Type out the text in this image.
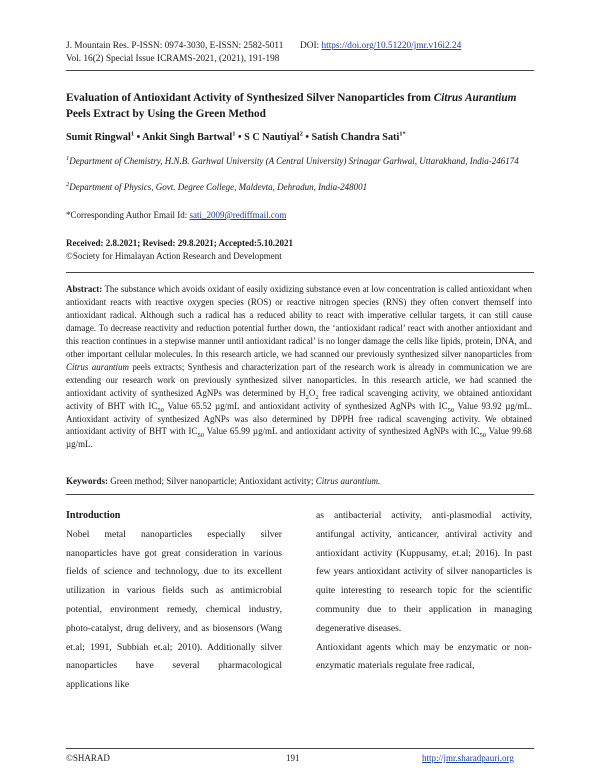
J. Mountain Res. P-ISSN: 0974-3030, E-ISSN: 2582-5011 DOI: https://doi.org/10.51220/jmr.v16i2.24
Vol. 16(2) Special Issue ICRAMS-2021, (2021), 191-198
Evaluation of Antioxidant Activity of Synthesized Silver Nanoparticles from Citrus Aurantium Peels Extract by Using the Green Method
Sumit Ringwal$^1$ • Ankit Singh Bartwal$^1$ • S C Nautiyal$^2$ • Satish Chandra Sati$^{1*}$
$^1$Department of Chemistry, H.N.B. Garhwal University (A Central University) Srinagar Garhwal, Uttarakhand, India-246174
$^2$Department of Physics, Govt. Degree College, Maldevta, Dehradun, India-248001
*Corresponding Author Email Id: sati_2009@rediffmail.com
Received: 2.8.2021; Revised: 29.8.2021; Accepted:5.10.2021
©Society for Himalayan Action Research and Development
Abstract: The substance which avoids oxidant of easily oxidizing substance even at low concentration is called antioxidant when antioxidant reacts with reactive oxygen species (ROS) or reactive nitrogen species (RNS) they often convert themself into antioxidant radical. Although such a radical has a reduced ability to react with imperative cellular targets, it can still cause damage. To decrease reactivity and reduction potential further down, the ‘antioxidant radical’ react with another antioxidant and this reaction continues in a stepwise manner until antioxidant radical’ is no longer damage the cells like lipids, protein, DNA, and other important cellular molecules. In this research article, we had scanned our previously synthesized silver nanoparticles from Citrus aurantium peels extracts; Synthesis and characterization part of the research work is already in communication we are extending our research work on previously synthesized silver nanoparticles. In this research article, we had scanned the antioxidant activity of synthesized AgNPs was determined by $H_2O_2$ free radical scavenging activity, we obtained antioxidant activity of BHT with $IC_{50}$ Value 65.52 µg/mL and antioxidant activity of synthesized AgNPs with $IC_{50}$ Value 93.92 µg/mL. Antioxidant activity of synthesized AgNPs was also determined by DPPH free radical scavenging activity. We obtained antioxidant activity of BHT with $IC_{50}$ Value 65.99 µg/mL and antioxidant activity of synthesized AgNPs with $IC_{50}$ Value 99.68 µg/mL.
Keywords: Green method; Silver nanoparticle; Antioxidant activity; Citrus aurantium.
Introduction
Nobel metal nanoparticles especially silver nanoparticles have got great consideration in various fields of science and technology, due to its excellent utilization in various fields such as antimicrobial potential, environment remedy, chemical industry, photo-catalyst, drug delivery, and as biosensors (Wang et.al; 1991, Subbiah et.al; 2010). Additionally silver nanoparticles have several pharmacological applications like
as antibacterial activity, anti-plasmodial activity, antifungal activity, anticancer, antiviral activity and antioxidant activity (Kuppusamy, et.al; 2016). In past few years antioxidant activity of silver nanoparticles is quite interesting to research topic for the scientific community due to their application in managing degenerative diseases.
Antioxidant agents which may be enzymatic or non-enzymatic materials regulate free radical,
©SHARAD	191	http://jmr.sharadpauri.org
